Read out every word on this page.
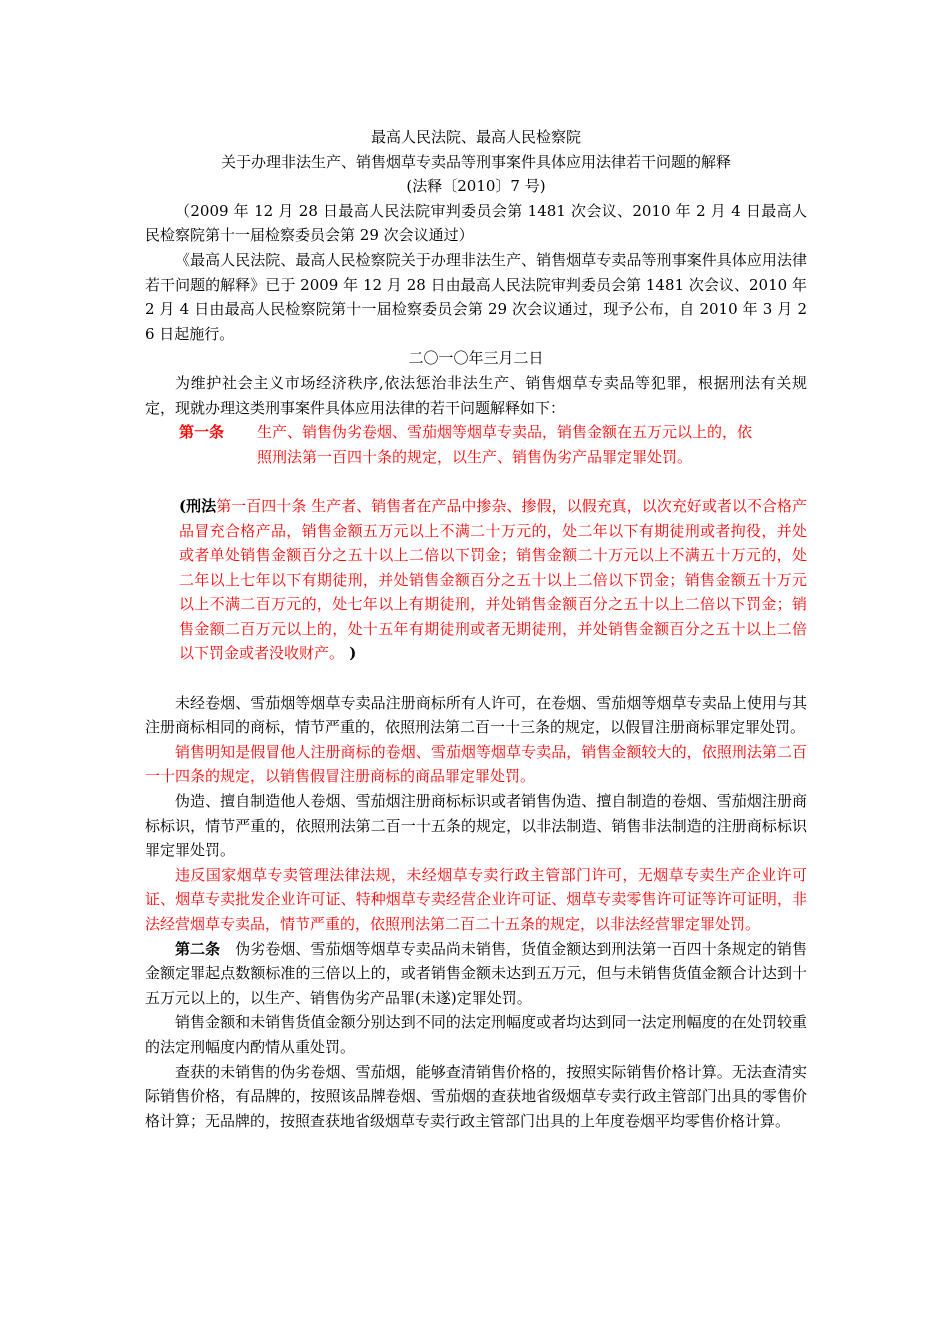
最高人民法院、最高人民检察院

关于办理非法生产、销售烟草专卖品等刑事案件具体应用法律若干问题的解释

(法释〔2010〕7 号)

（2009 年 12 月 28 日最高人民法院审判委员会第 1481 次会议、2010 年 2 月 4 日最高人民检察院第十一届检察委员会第 29 次会议通过）

《最高人民法院、最高人民检察院关于办理非法生产、销售烟草专卖品等刑事案件具体应用法律若干问题的解释》已于 2009 年 12 月 28 日由最高人民法院审判委员会第 1481 次会议、2010 年 2 月 4 日由最高人民检察院第十一届检察委员会第 29 次会议通过，现予公布，自 2010 年 3 月 26 日起施行。

二〇一〇年三月二日

为维护社会主义市场经济秩序,依法惩治非法生产、销售烟草专卖品等犯罪，根据刑法有关规定，现就办理这类刑事案件具体应用法律的若干问题解释如下：

第一条 生产、销售伪劣卷烟、雪茄烟等烟草专卖品，销售金额在五万元以上的，依

照刑法第一百四十条的规定，以生产、销售伪劣产品罪定罪处罚。

(刑法第一百四十条 生产者、销售者在产品中掺杂、掺假，以假充真，以次充好或者以不合格产品冒充合格产品，销售金额五万元以上不满二十万元的，处二年以下有期徒刑或者拘役，并处或者单处销售金额百分之五十以上二倍以下罚金；销售金额二十万元以上不满五十万元的，处二年以上七年以下有期徒刑，并处销售金额百分之五十以上二倍以下罚金；销售金额五十万元以上不满二百万元的，处七年以上有期徒刑，并处销售金额百分之五十以上二倍以下罚金；销售金额二百万元以上的，处十五年有期徒刑或者无期徒刑，并处销售金额百分之五十以上二倍以下罚金或者没收财产。 )

未经卷烟、雪茄烟等烟草专卖品注册商标所有人许可，在卷烟、雪茄烟等烟草专卖品上使用与其注册商标相同的商标，情节严重的，依照刑法第二百一十三条的规定，以假冒注册商标罪定罪处罚。

销售明知是假冒他人注册商标的卷烟、雪茄烟等烟草专卖品，销售金额较大的，依照刑法第二百一十四条的规定，以销售假冒注册商标的商品罪定罪处罚。

伪造、擅自制造他人卷烟、雪茄烟注册商标标识或者销售伪造、擅自制造的卷烟、雪茄烟注册商标标识，情节严重的，依照刑法第二百一十五条的规定，以非法制造、销售非法制造的注册商标标识罪定罪处罚。

违反国家烟草专卖管理法律法规，未经烟草专卖行政主管部门许可，无烟草专卖生产企业许可证、烟草专卖批发企业许可证、特种烟草专卖经营企业许可证、烟草专卖零售许可证等许可证明，非法经营烟草专卖品，情节严重的，依照刑法第二百二十五条的规定，以非法经营罪定罪处罚。

第二条　 伪劣卷烟、雪茄烟等烟草专卖品尚未销售，货值金额达到刑法第一百四十条规定的销售金额定罪起点数额标准的三倍以上的，或者销售金额未达到五万元，但与未销售货值金额合计达到十五万元以上的，以生产、销售伪劣产品罪(未遂)定罪处罚。

销售金额和未销售货值金额分别达到不同的法定刑幅度或者均达到同一法定刑幅度的在处罚较重的法定刑幅度内酌情从重处罚。

查获的未销售的伪劣卷烟、雪茄烟，能够查清销售价格的，按照实际销售价格计算。无法查清实际销售价格，有品牌的，按照该品牌卷烟、雪茄烟的查获地省级烟草专卖行政主管部门出具的零售价格计算；无品牌的，按照查获地省级烟草专卖行政主管部门出具的上年度卷烟平均零售价格计算。
